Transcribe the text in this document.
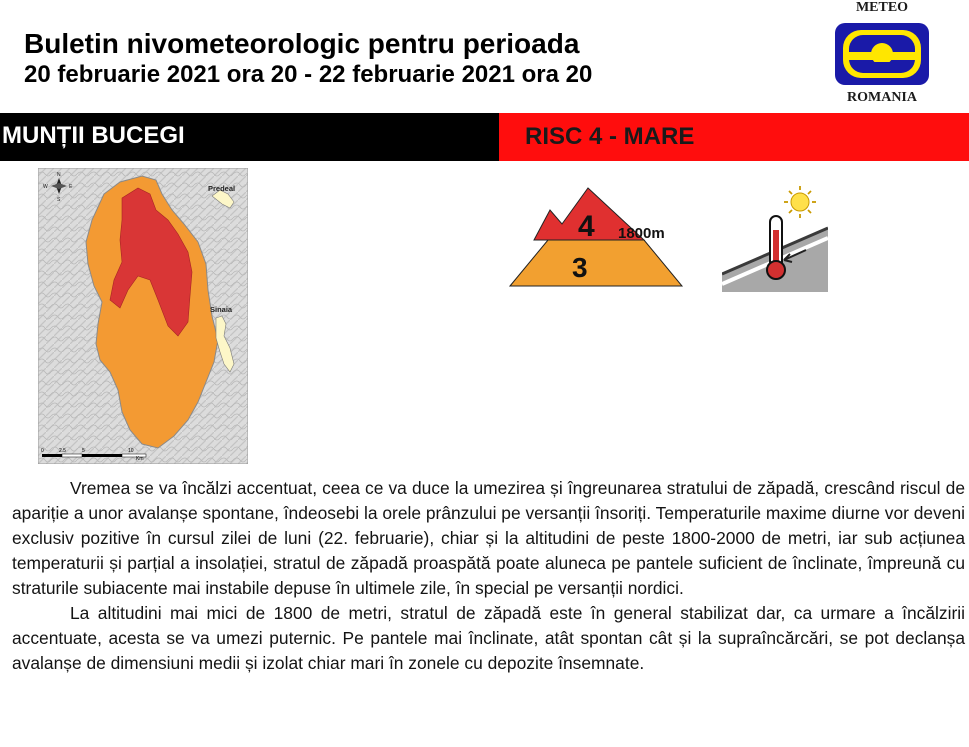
Buletin nivometeorologic pentru perioada
20 februarie 2021 ora 20 - 22 februarie 2021 ora 20
METEO
ROMANIA
MUNȚII BUCEGI	RISC 4 - MARE
N
S
E
W	Predeal
Sinaia
0	2.5	5	10
Km
4
3
1800m

Vremea se va încălzi accentuat, ceea ce va duce la umezirea și îngreunarea stratului de zăpadă, crescând riscul de apariție a unor avalanșe spontane, îndeosebi la orele prânzului pe versanții însoriți. Temperaturile maxime diurne vor deveni exclusiv pozitive în cursul zilei de luni (22. februarie), chiar și la altitudini de peste 1800-2000 de metri, iar sub acțiunea temperaturii și parțial a insolației, stratul de zăpadă proaspătă poate aluneca pe pantele suficient de înclinate, împreună cu straturile subiacente mai instabile depuse în ultimele zile, în special pe versanții nordici.

La altitudini mai mici de 1800 de metri, stratul de zăpadă este în general stabilizat dar, ca urmare a încălzirii accentuate, acesta se va umezi puternic. Pe pantele mai înclinate, atât spontan cât și la supraîncărcări, se pot declanșa avalanșe de dimensiuni medii și izolat chiar mari în zonele cu depozite însemnate.
